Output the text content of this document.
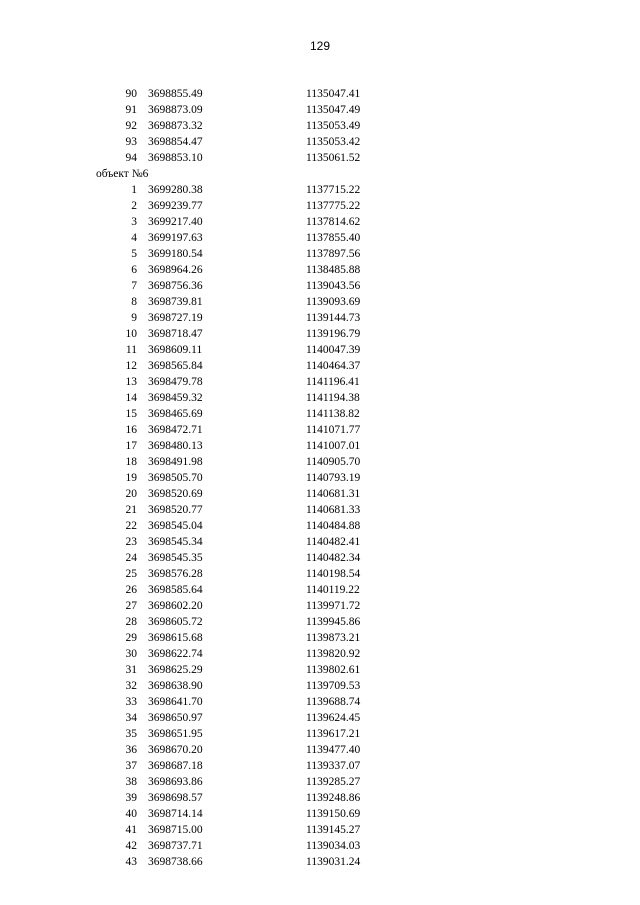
129
90 3698855.49	1135047.41
91 3698873.09	1135047.49
92 3698873.32	1135053.49
93 3698854.47	1135053.42
94 3698853.10	1135061.52
объект №6
1 3699280.38	1137715.22
2 3699239.77	1137775.22
3 3699217.40	1137814.62
4 3699197.63	1137855.40
5 3699180.54	1137897.56
6 3698964.26	1138485.88
7 3698756.36	1139043.56
8 3698739.81	1139093.69
9 3698727.19	1139144.73
10 3698718.47	1139196.79
11 3698609.11	1140047.39
12 3698565.84	1140464.37
13 3698479.78	1141196.41
14 3698459.32	1141194.38
15 3698465.69	1141138.82
16 3698472.71	1141071.77
17 3698480.13	1141007.01
18 3698491.98	1140905.70
19 3698505.70	1140793.19
20 3698520.69	1140681.31
21 3698520.77	1140681.33
22 3698545.04	1140484.88
23 3698545.34	1140482.41
24 3698545.35	1140482.34
25 3698576.28	1140198.54
26 3698585.64	1140119.22
27 3698602.20	1139971.72
28 3698605.72	1139945.86
29 3698615.68	1139873.21
30 3698622.74	1139820.92
31 3698625.29	1139802.61
32 3698638.90	1139709.53
33 3698641.70	1139688.74
34 3698650.97	1139624.45
35 3698651.95	1139617.21
36 3698670.20	1139477.40
37 3698687.18	1139337.07
38 3698693.86	1139285.27
39 3698698.57	1139248.86
40 3698714.14	1139150.69
41 3698715.00	1139145.27
42 3698737.71	1139034.03
43 3698738.66	1139031.24
